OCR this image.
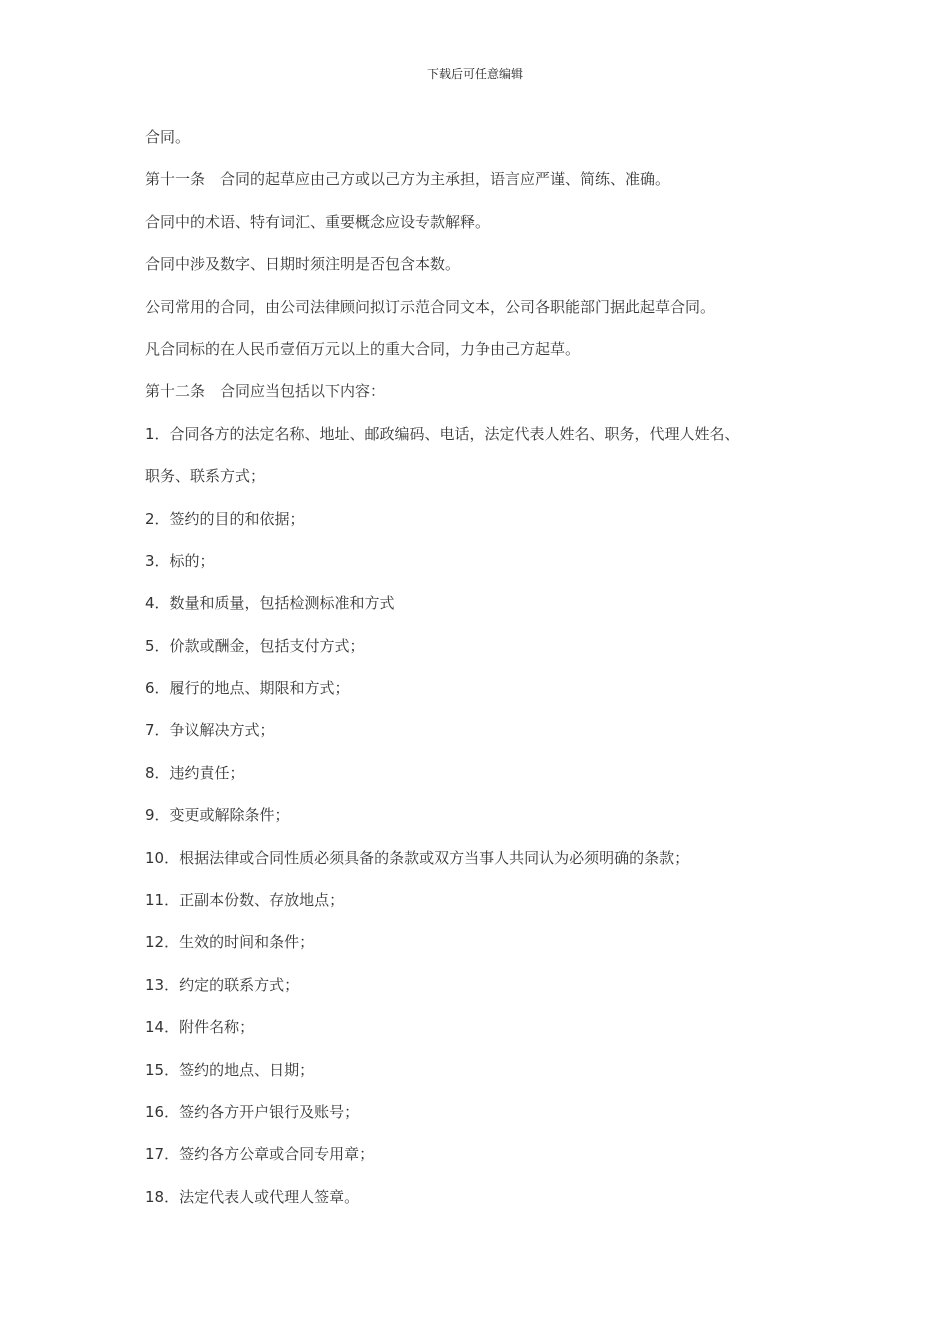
下载后可任意编辑
合同。
第十一条　合同的起草应由己方或以己方为主承担，语言应严谨、简练、准确。
合同中的术语、特有词汇、重要概念应设专款解释。
合同中涉及数字、日期时须注明是否包含本数。
公司常用的合同，由公司法律顾问拟订示范合同文本，公司各职能部门据此起草合同。
凡合同标的在人民币壹佰万元以上的重大合同，力争由己方起草。
第十二条　合同应当包括以下内容：
1．合同各方的法定名称、地址、邮政编码、电话，法定代表人姓名、职务，代理人姓名、
职务、联系方式；
2．签约的目的和依据；
3．标的；
4．数量和质量，包括检测标准和方式
5．价款或酬金，包括支付方式；
6．履行的地点、期限和方式；
7．争议解决方式；
8．违约責任；
9．变更或解除条件；
10．根据法律或合同性质必须具备的条款或双方当事人共同认为必须明确的条款；
11．正副本份数、存放地点；
12．生效的时间和条件；
13．约定的联系方式；
14．附件名称；
15．签约的地点、日期；
16．签约各方开户银行及账号；
17．签约各方公章或合同专用章；
18．法定代表人或代理人签章。
